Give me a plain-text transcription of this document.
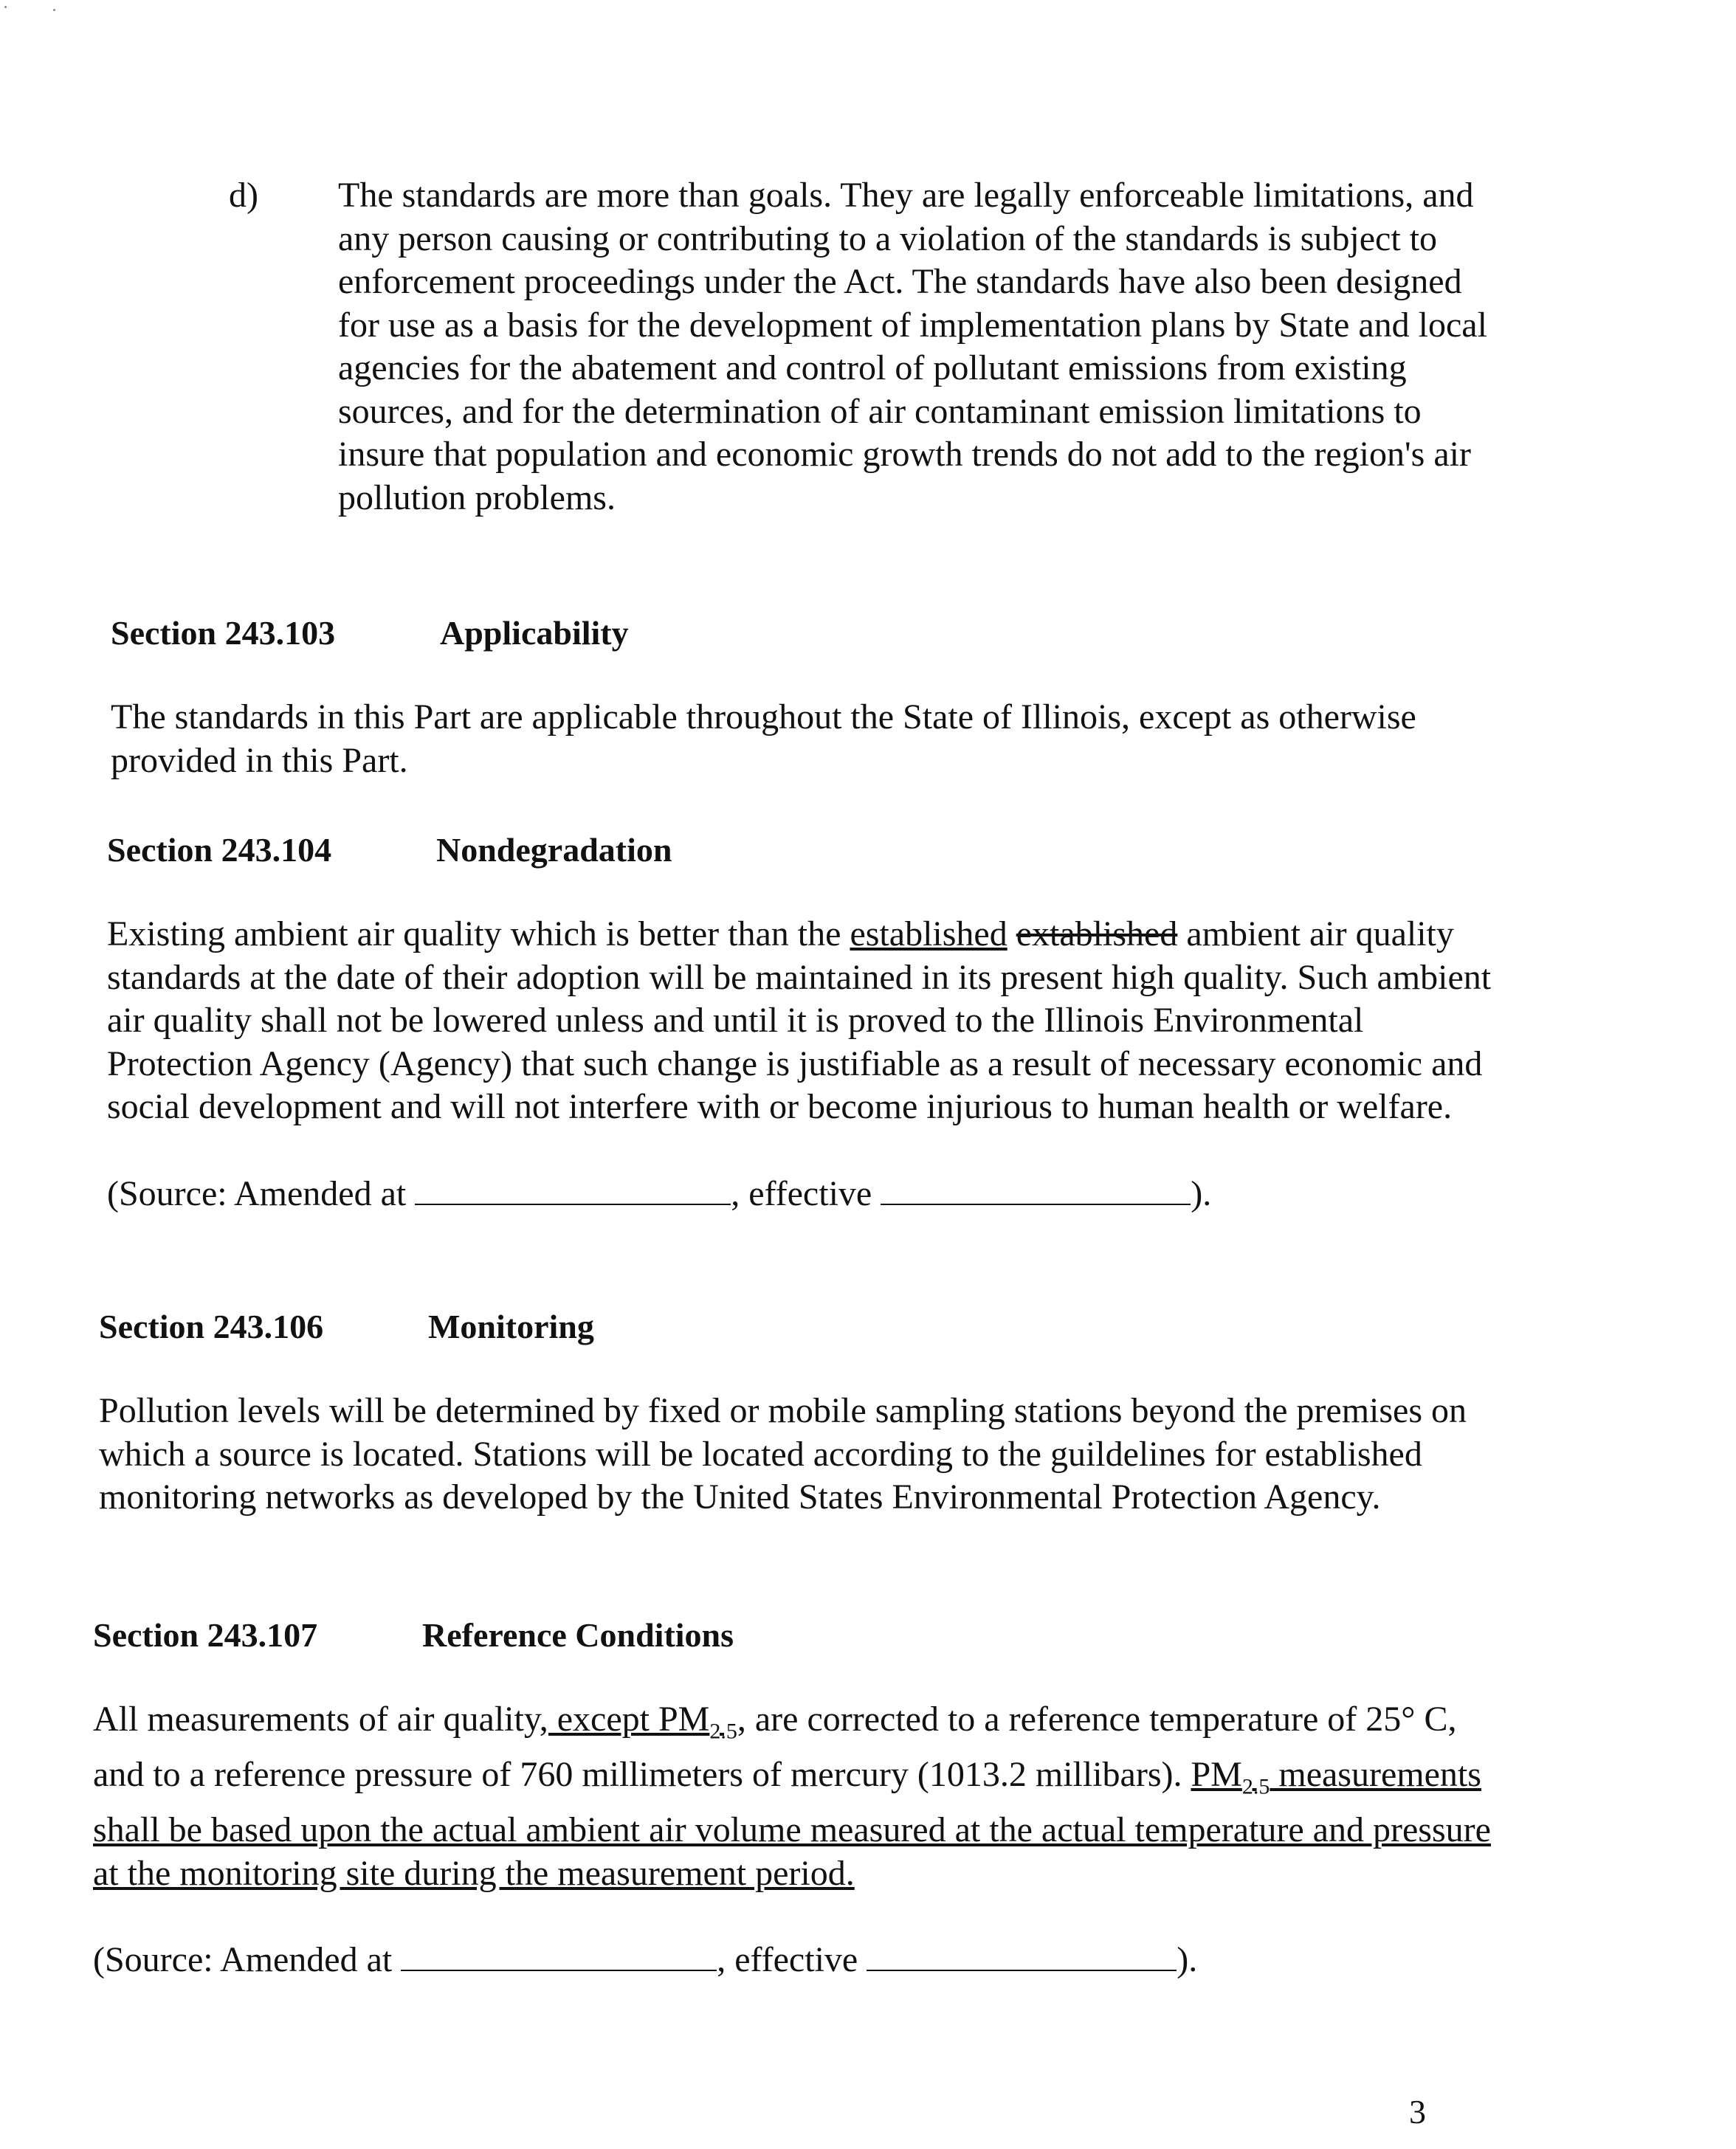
d) The standards are more than goals. They are legally enforceable limitations, and any person causing or contributing to a violation of the standards is subject to enforcement proceedings under the Act. The standards have also been designed for use as a basis for the development of implementation plans by State and local agencies for the abatement and control of pollutant emissions from existing sources, and for the determination of air contaminant emission limitations to insure that population and economic growth trends do not add to the region's air pollution problems.
Section 243.103	Applicability
The standards in this Part are applicable throughout the State of Illinois, except as otherwise provided in this Part.
Section 243.104	Nondegradation
Existing ambient air quality which is better than the established extablished ambient air quality standards at the date of their adoption will be maintained in its present high quality. Such ambient air quality shall not be lowered unless and until it is proved to the Illinois Environmental Protection Agency (Agency) that such change is justifiable as a result of necessary economic and social development and will not interfere with or become injurious to human health or welfare.
(Source: Amended at	, effective	).
Section 243.106	Monitoring
Pollution levels will be determined by fixed or mobile sampling stations beyond the premises on which a source is located. Stations will be located according to the guildelines for established monitoring networks as developed by the United States Environmental Protection Agency.
Section 243.107	Reference Conditions
All measurements of air quality, except $PM_{2.5}$, are corrected to a reference temperature of 25° C, and to a reference pressure of 760 millimeters of mercury (1013.2 millibars). $PM_{2.5}$ measurements shall be based upon the actual ambient air volume measured at the actual temperature and pressure at the monitoring site during the measurement period.
(Source: Amended at	, effective	).
3
